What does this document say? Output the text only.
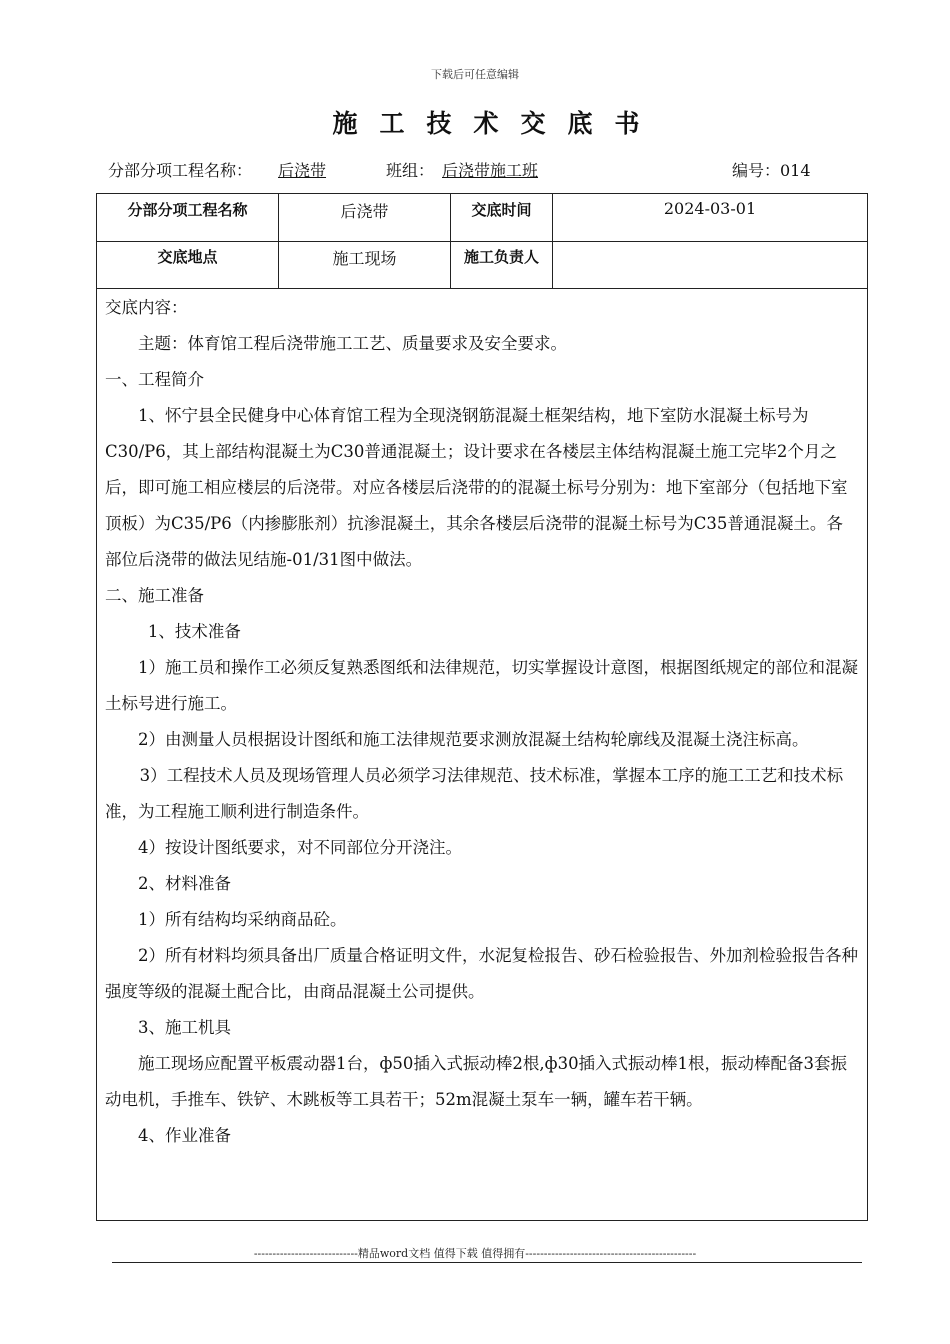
下载后可任意编辑
施工技术交底书
分部分项工程名称： 后浇带	班组： 后浇带施工班	编号：014
分部分项工程名称	后浇带	交底时间	2024-03-01
交底地点	施工现场	施工负责人

交底内容：

主题：体育馆工程后浇带施工工艺、质量要求及安全要求。

一、工程简介

1、怀宁县全民健身中心体育馆工程为全现浇钢筋混凝土框架结构，地下室防水混凝土标号为C30/P6，其上部结构混凝土为C30普通混凝土；设计要求在各楼层主体结构混凝土施工完毕2个月之后，即可施工相应楼层的后浇带。对应各楼层后浇带的的混凝土标号分别为：地下室部分（包括地下室顶板）为C35/P6（内掺膨胀剂）抗渗混凝土，其余各楼层后浇带的混凝土标号为C35普通混凝土。各部位后浇带的做法见结施-01/31图中做法。

二、施工准备

1、技术准备

1）施工员和操作工必须反复熟悉图纸和法律规范，切实掌握设计意图，根据图纸规定的部位和混凝土标号进行施工。

2）由测量人员根据设计图纸和施工法律规范要求测放混凝土结构轮廓线及混凝土浇注标高。

3）工程技术人员及现场管理人员必须学习法律规范、技术标准，掌握本工序的施工工艺和技术标准，为工程施工顺利进行制造条件。

4）按设计图纸要求，对不同部位分开浇注。

2、材料准备

1）所有结构均采纳商品砼。

2）所有材料均须具备出厂质量合格证明文件，水泥复检报告、砂石检验报告、外加剂检验报告各种强度等级的混凝土配合比，由商品混凝土公司提供。

3、施工机具

施工现场应配置平板震动器1台，ф50插入式振动棒2根,ф30插入式振动棒1根，振动棒配备3套振动电机，手推车、铁铲、木跳板等工具若干；52m混凝土泵车一辆，罐车若干辆。

4、作业准备

----------------------------精品word文档 值得下载 值得拥有----------------------------------------------
